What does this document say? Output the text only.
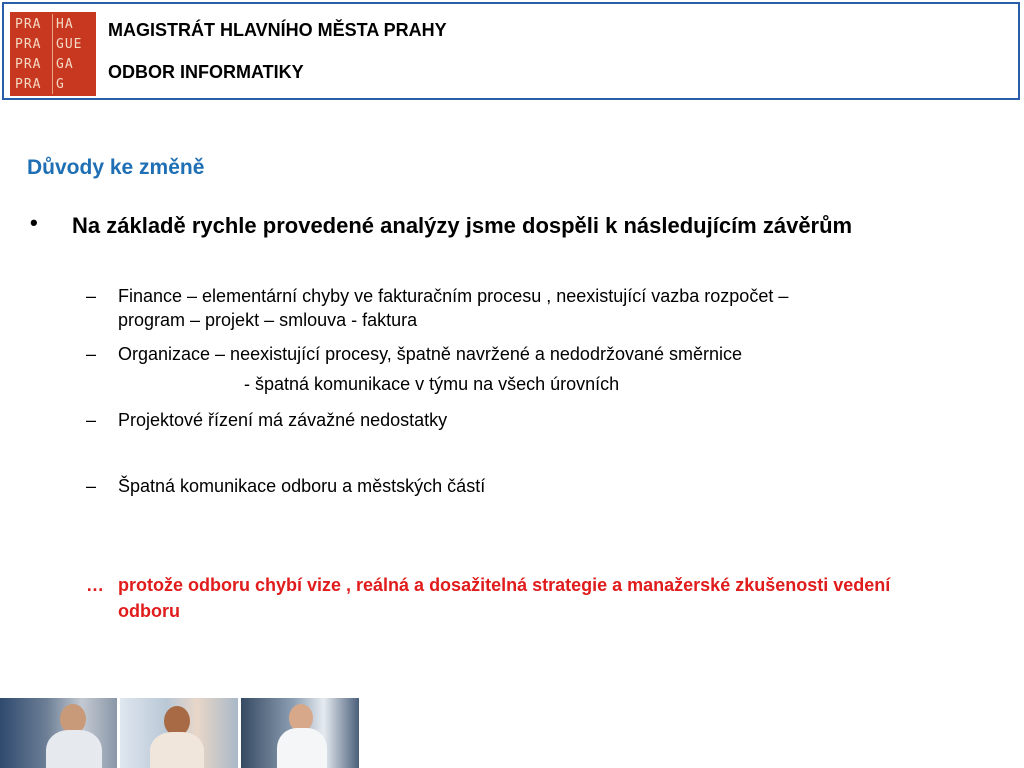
PRA	HA
PRA	GUE
PRA	GA
PRA	G
MAGISTRÁT HLAVNÍHO MĚSTA PRAHY
ODBOR INFORMATIKY
Důvody ke změně
• Na základě rychle provedené analýzy jsme dospěli k následujícím závěrům
– Finance – elementární chyby ve fakturačním procesu , neexistující vazba rozpočet – program – projekt – smlouva - faktura
– Organizace – neexistující procesy, špatně navržené a nedodržované směrnice
- špatná komunikace v týmu na všech úrovních
– Projektové řízení má závažné nedostatky
– Špatná komunikace odboru a městských částí
… protože odboru chybí vize , reálná a dosažitelná strategie a manažerské zkušenosti vedení odboru
